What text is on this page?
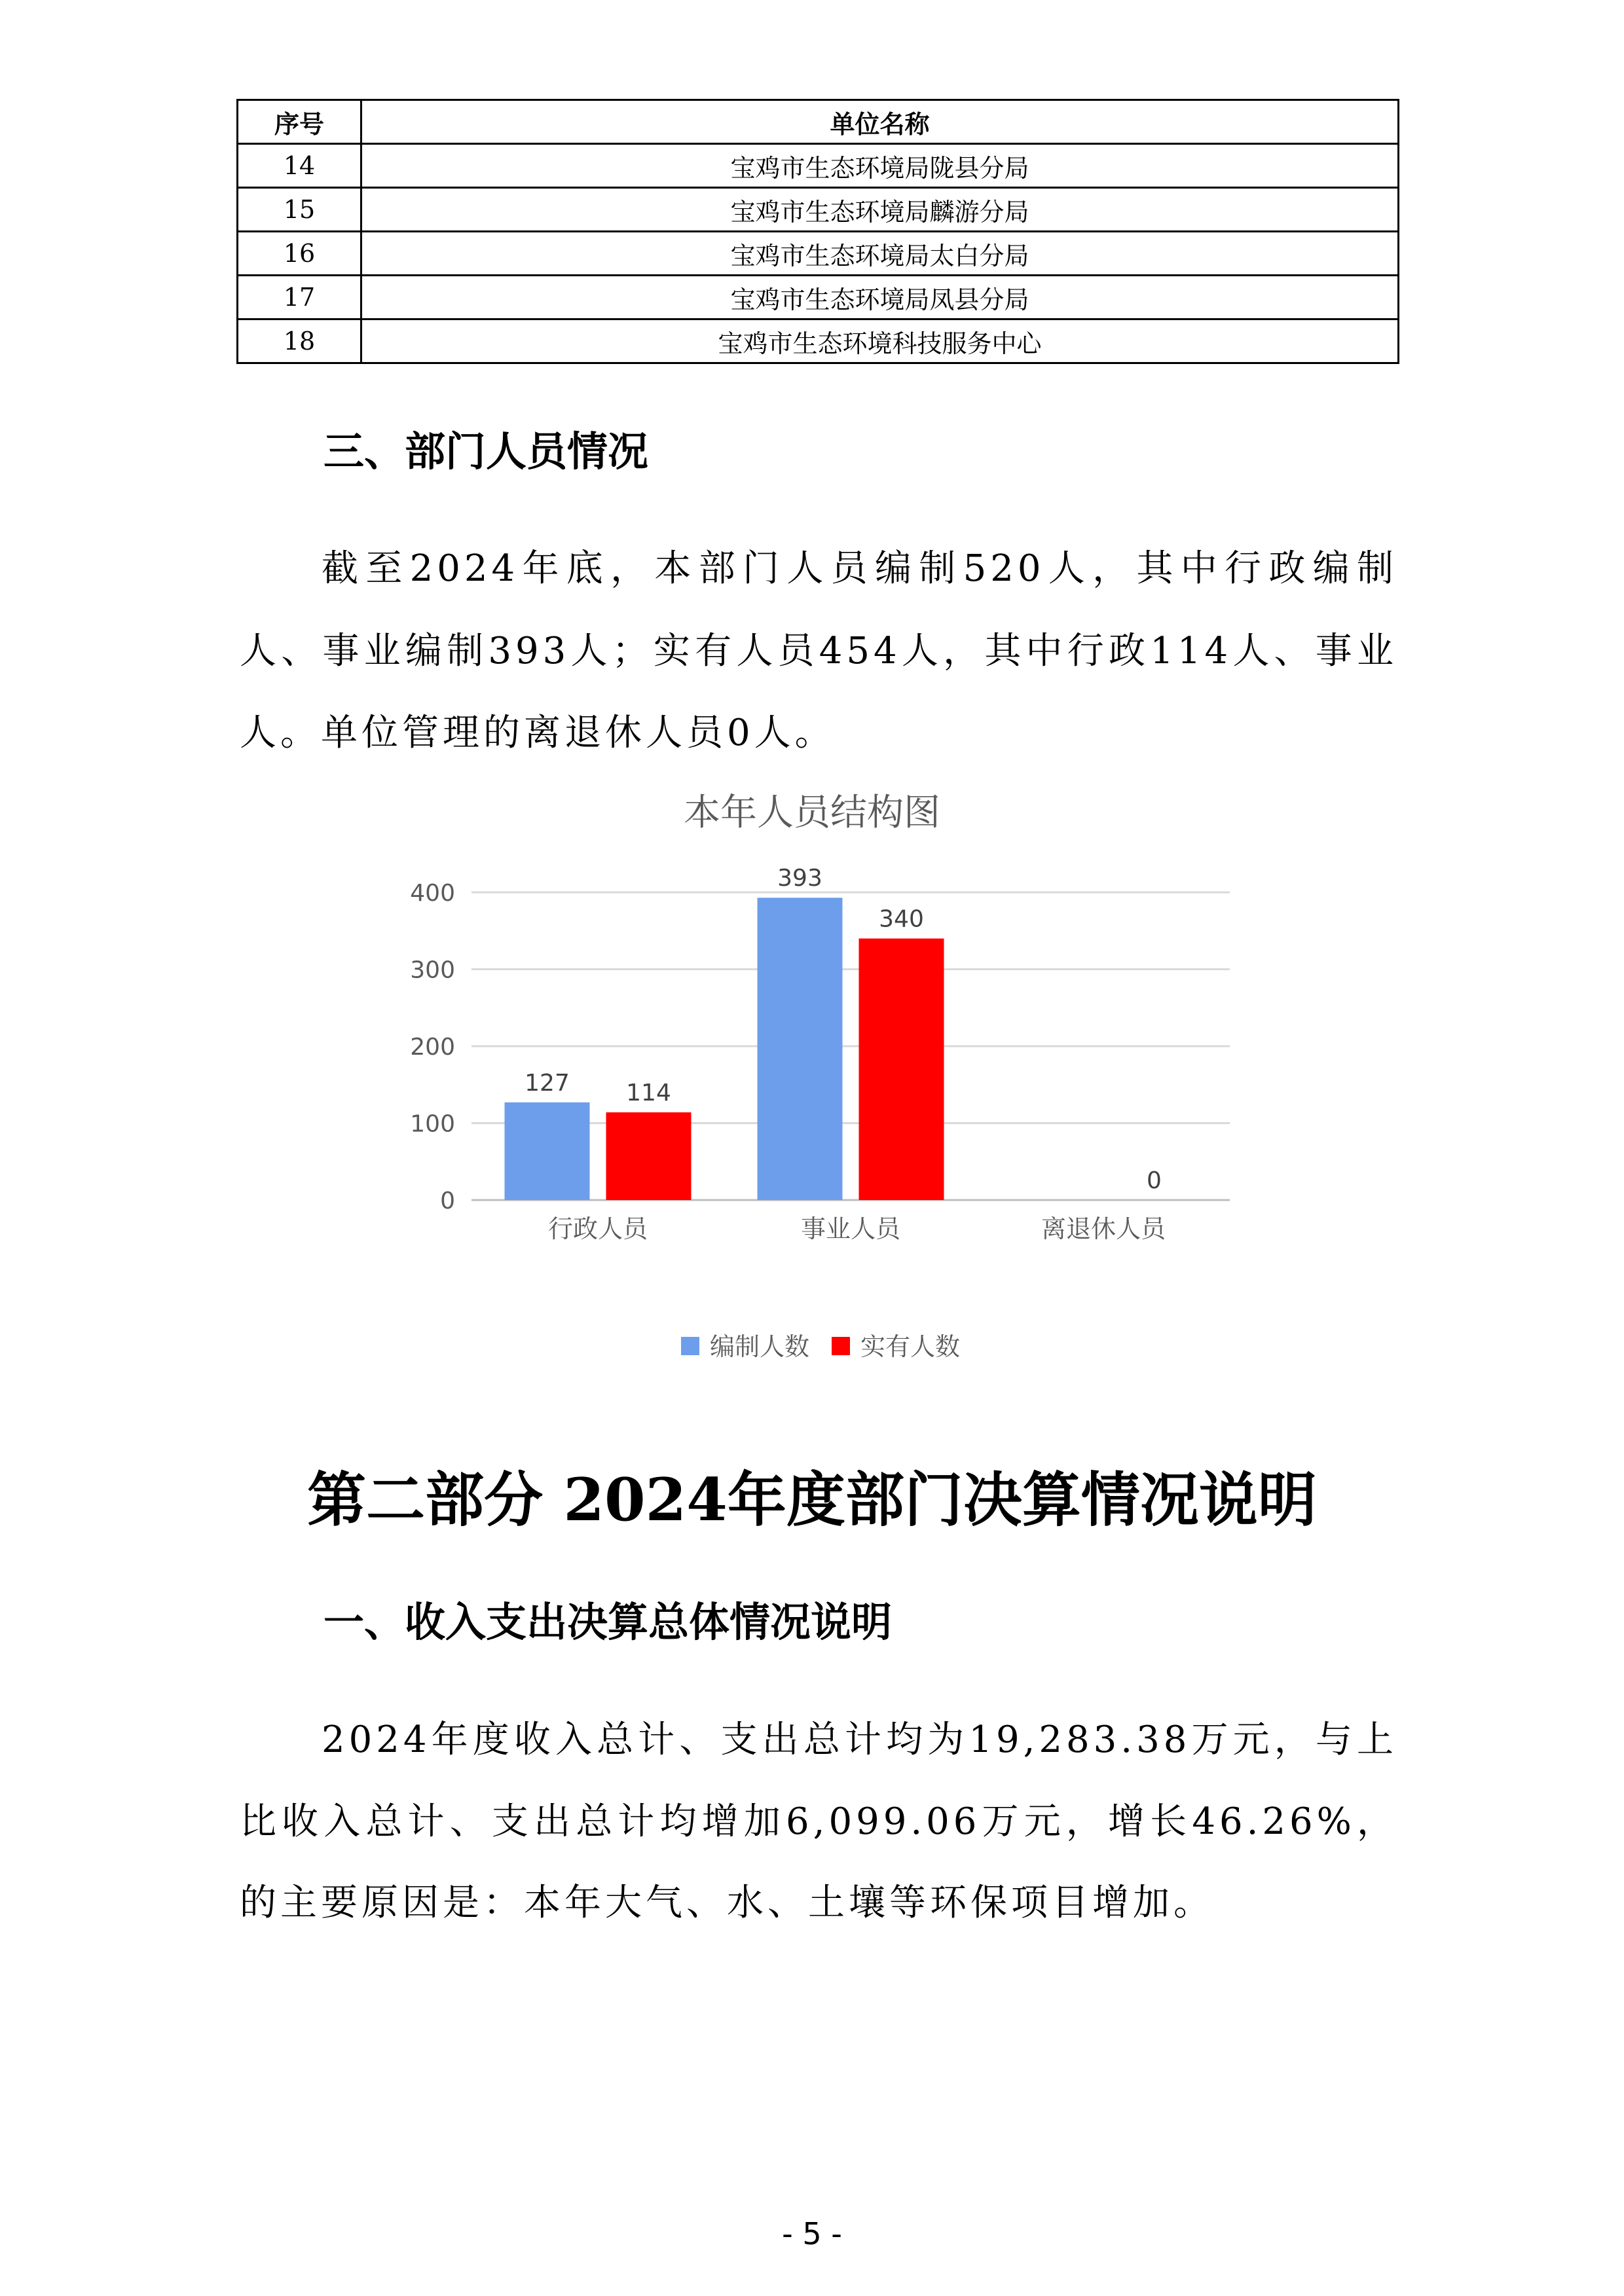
序号	单位名称
14	宝鸡市生态环境局陇县分局
15	宝鸡市生态环境局麟游分局
16	宝鸡市生态环境局太白分局
17	宝鸡市生态环境局凤县分局
18	宝鸡市生态环境科技服务中心
三、部门人员情况
截至2024年底，本部门人员编制520人，其中行政编制
人、事业编制393人；实有人员454人，其中行政114人、事业
人。单位管理的离退休人员0人。
本年人员结构图
0
100
200
300
400
127 114
393
340
0
行政人员	事业人员	离退休人员
编制人数 实有人数
第二部分 2024年度部门决算情况说明
一、收入支出决算总体情况说明
2024年度收入总计、支出总计均为19,283.38万元，与上
比收入总计、支出总计均增加6,099.06万元，增长46.26%，
的主要原因是：本年大气、水、土壤等环保项目增加。
- 5 -
